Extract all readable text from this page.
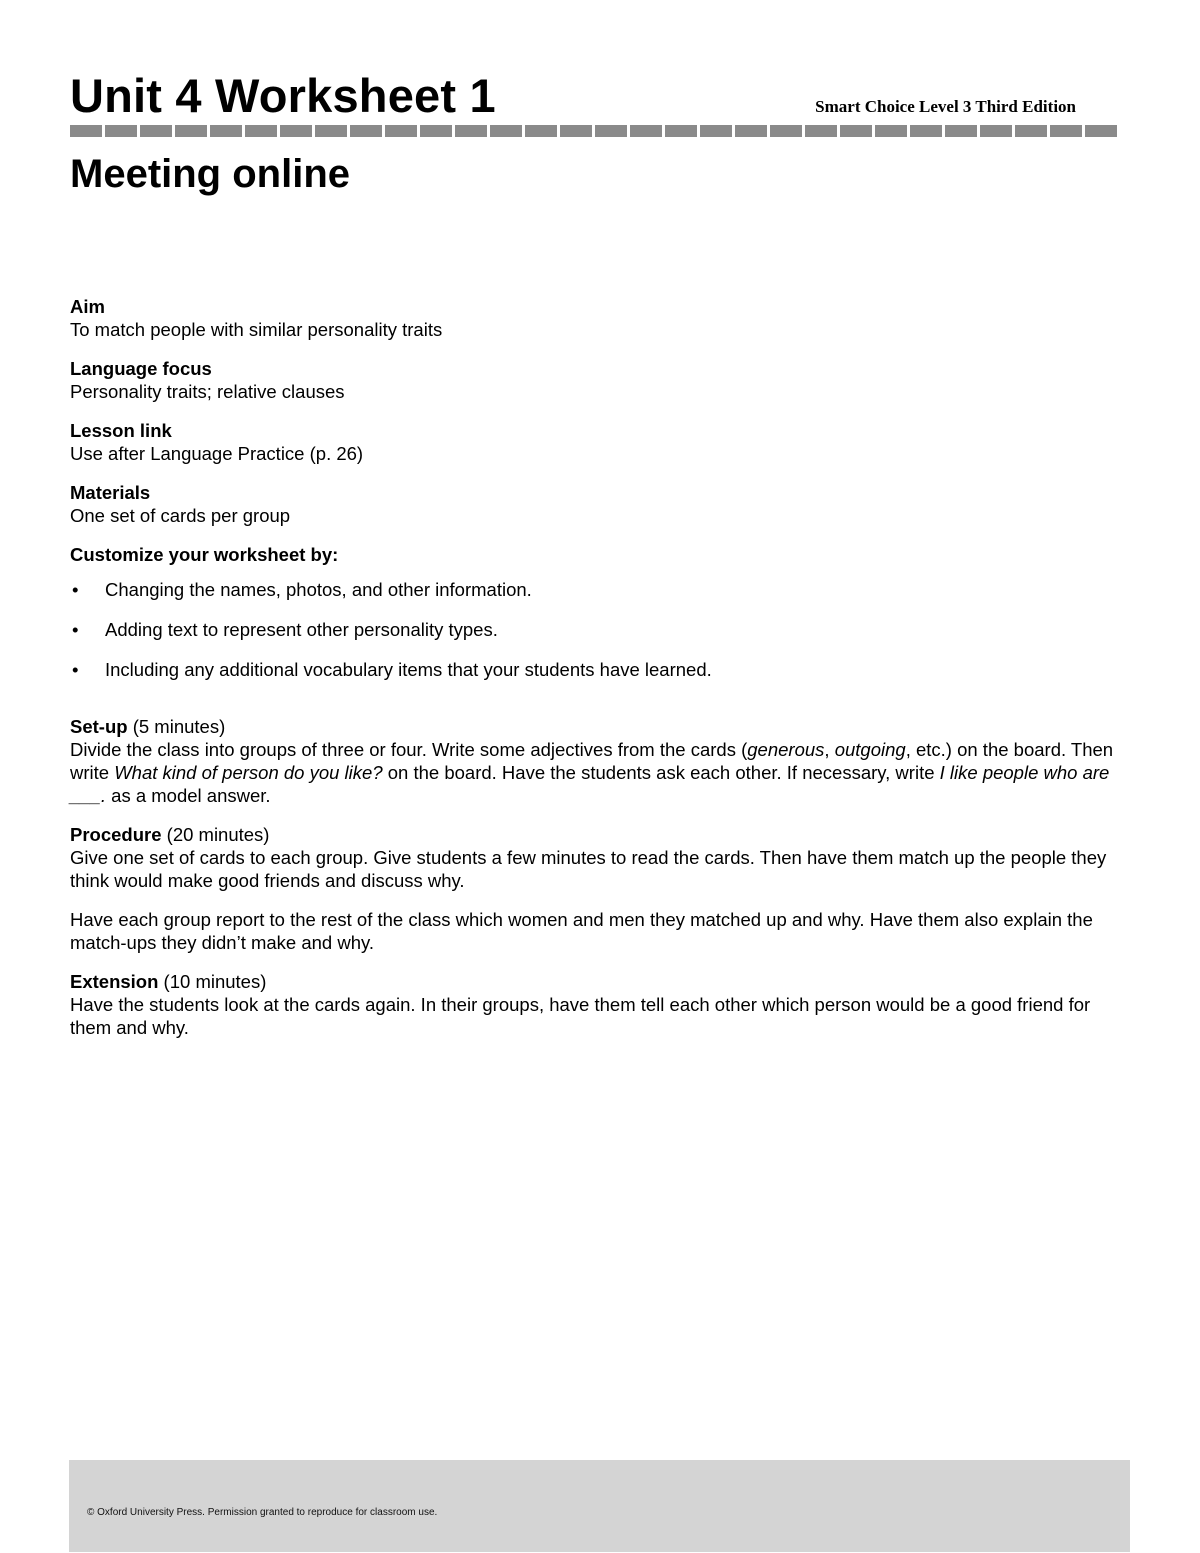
Unit 4 Worksheet 1	Smart Choice Level 3 Third Edition
Meeting online
Aim
To match people with similar personality traits
Language focus
Personality traits; relative clauses
Lesson link
Use after Language Practice (p. 26)
Materials
One set of cards per group
Customize your worksheet by:
• Changing the names, photos, and other information.
• Adding text to represent other personality types.
• Including any additional vocabulary items that your students have learned.
Set-up (5 minutes)
Divide the class into groups of three or four. Write some adjectives from the cards (generous, outgoing, etc.) on the board. Then write What kind of person do you like? on the board. Have the students ask each other. If necessary, write I like people who are ___. as a model answer.
Procedure (20 minutes)
Give one set of cards to each group. Give students a few minutes to read the cards. Then have them match up the people they think would make good friends and discuss why.
Have each group report to the rest of the class which women and men they matched up and why. Have them also explain the match-ups they didn’t make and why.
Extension (10 minutes)
Have the students look at the cards again. In their groups, have them tell each other which person would be a good friend for them and why.
© Oxford University Press. Permission granted to reproduce for classroom use.
